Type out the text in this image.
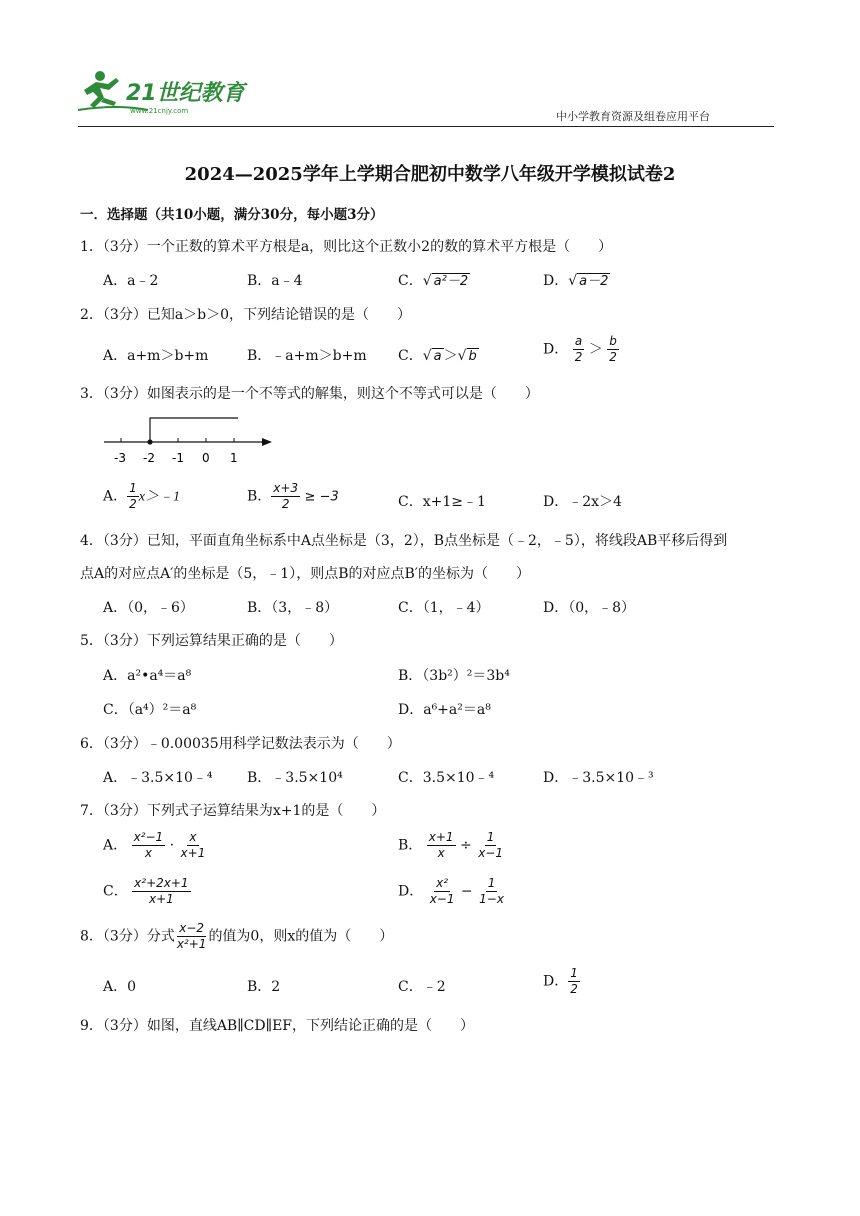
21世纪教育
www.21cnjy.com	中小学教育资源及组卷应用平台
2024—2025学年上学期合肥初中数学八年级开学模拟试卷2
一．选择题（共10小题，满分30分，每小题3分）
1．（3分）一个正数的算术平方根是a，则比这个正数小2的数的算术平方根是（　　）
A．a﹣2	B．a﹣4	C．√ a²－2	D．√ a－2
2．（3分）已知a＞b＞0，下列结论错误的是（　　）
A．a+m＞b+m	B．﹣a+m＞b+m C．√ a ＞√ b	D． $\frac{a}{2} > \frac{b}{2}$
3．（3分）如图表示的是一个不等式的解集，则这个不等式可以是（　　）
-3 -2 -1 0 1
A． $\frac{1}{2}$ x＞﹣1	B． $\frac{x+3}{2} \ge -3$	C．x+1≥﹣1	D．﹣2x＞4
4．（3分）已知，平面直角坐标系中A点坐标是（3，2），B点坐标是（﹣2，﹣5），将线段AB平移后得到
点A的对应点A′的坐标是（5，﹣1），则点B的对应点B′的坐标为（　　）
A．（0，﹣6）	B．（3，﹣8）	C．（1，﹣4）	D．（0，﹣8）
5．（3分）下列运算结果正确的是（　　）
A．a²•a⁴＝a⁸	B．（3b²）²＝3b⁴
C．（a⁴）²＝a⁸	D．a⁶+a²＝a⁸
6．（3分）﹣0.00035用科学记数法表示为（　　）
A．﹣3.5×10﹣⁴ B．﹣3.5×10⁴	C．3.5×10﹣⁴	D．﹣3.5×10﹣³
7．（3分）下列式子运算结果为x+1的是（　　）
A． $\frac{\text{x²−1}}{x} \cdot \frac{x}{x+1}$	B． $\frac{x+1}{x} \div \frac{1}{x-1}$
C． $\frac{\text{x²+2x+1}}{x+1}$	D． $\frac{\text{x²}}{x-1} - \frac{1}{1-x}$
8．（3分）分式 $\frac{x-2}{\text{x²+1}}$ 的值为0，则x的值为（　　）
A．0	B．2	C．﹣2	D． $\frac{1}{2}$
9．（3分）如图，直线AB∥CD∥EF，下列结论正确的是（　　）
